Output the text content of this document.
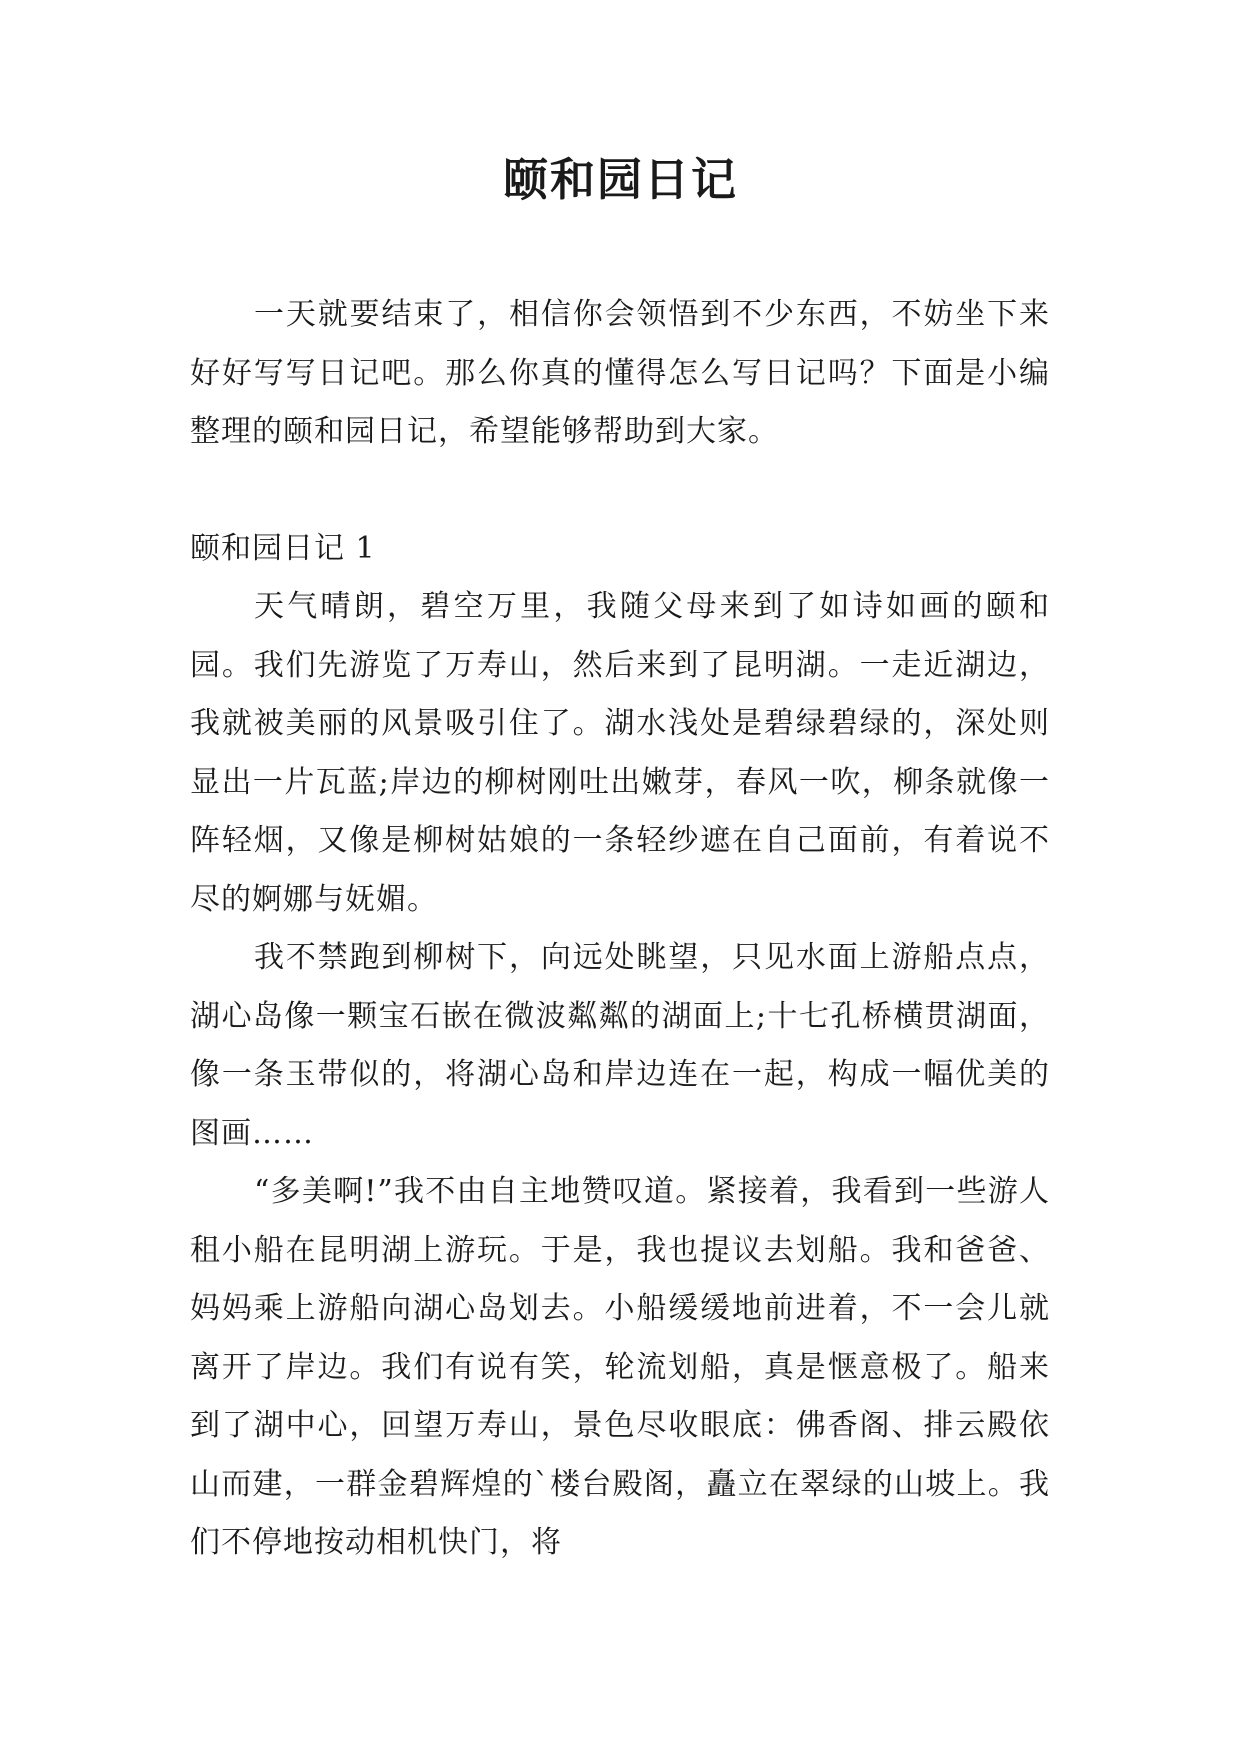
颐和园日记

一天就要结束了，相信你会领悟到不少东西，不妨坐下来好好写写日记吧。那么你真的懂得怎么写日记吗？下面是小编整理的颐和园日记，希望能够帮助到大家。

颐和园日记 1

天气晴朗，碧空万里，我随父母来到了如诗如画的颐和园。我们先游览了万寿山，然后来到了昆明湖。一走近湖边，我就被美丽的风景吸引住了。湖水浅处是碧绿碧绿的，深处则显出一片瓦蓝;岸边的柳树刚吐出嫩芽，春风一吹，柳条就像一阵轻烟，又像是柳树姑娘的一条轻纱遮在自己面前，有着说不尽的婀娜与妩媚。

我不禁跑到柳树下，向远处眺望，只见水面上游船点点，湖心岛像一颗宝石嵌在微波粼粼的湖面上;十七孔桥横贯湖面，像一条玉带似的，将湖心岛和岸边连在一起，构成一幅优美的图画……

“多美啊!”我不由自主地赞叹道。紧接着，我看到一些游人租小船在昆明湖上游玩。于是，我也提议去划船。我和爸爸、妈妈乘上游船向湖心岛划去。小船缓缓地前进着，不一会儿就离开了岸边。我们有说有笑，轮流划船，真是惬意极了。船来到了湖中心，回望万寿山，景色尽收眼底：佛香阁、排云殿依山而建，一群金碧辉煌的`楼台殿阁，矗立在翠绿的山坡上。我们不停地按动相机快门，将
